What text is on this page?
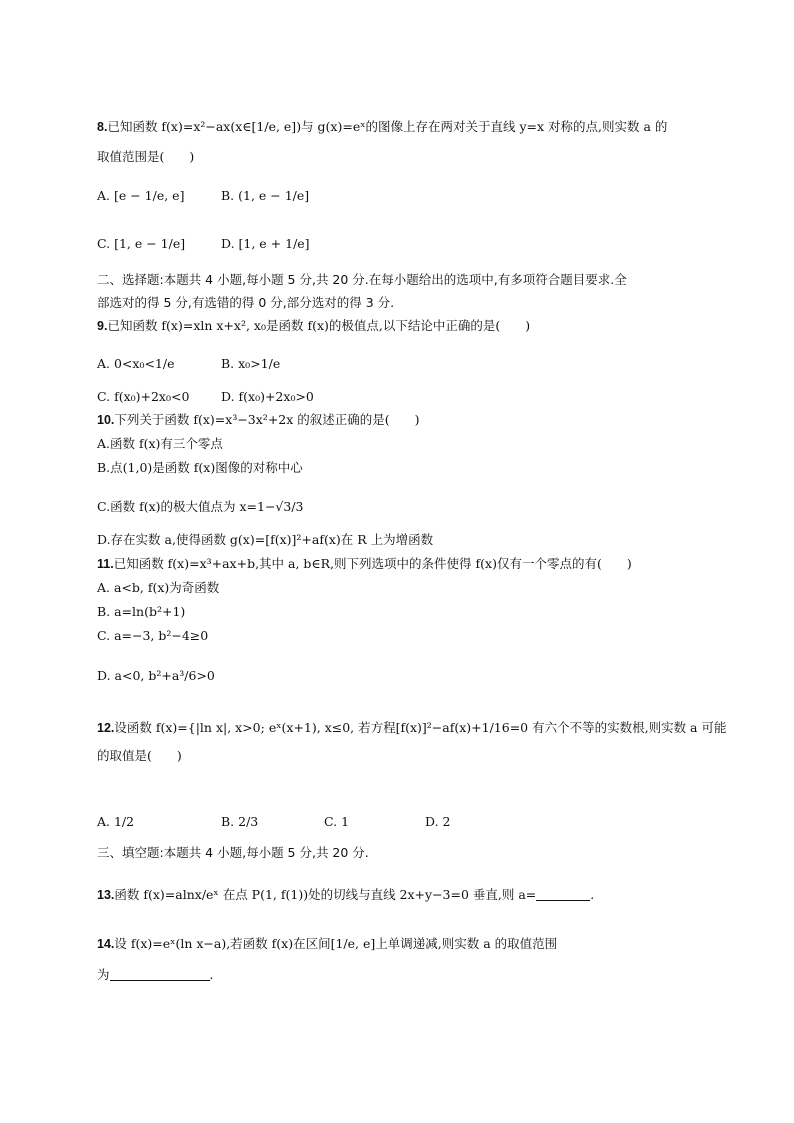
8.已知函数 f(x)=x²−ax(x∈[1/e, e])与 g(x)=eˣ的图像上存在两对关于直线 y=x 对称的点,则实数 a 的
取值范围是(　　)
A. [e − 1/e, e]	B. (1, e − 1/e]
C. [1, e − 1/e]	D. [1, e + 1/e]
二、选择题:本题共 4 小题,每小题 5 分,共 20 分.在每小题给出的选项中,有多项符合题目要求.全
部选对的得 5 分,有选错的得 0 分,部分选对的得 3 分.
9.已知函数 f(x)=xln x+x², x₀是函数 f(x)的极值点,以下结论中正确的是(　　)
A. 0<x₀<1/e	B. x₀>1/e
C. f(x₀)+2x₀<0	D. f(x₀)+2x₀>0
10.下列关于函数 f(x)=x³−3x²+2x 的叙述正确的是(　　)
A.函数 f(x)有三个零点
B.点(1,0)是函数 f(x)图像的对称中心
C.函数 f(x)的极大值点为 x=1−√3/3
D.存在实数 a,使得函数 g(x)=[f(x)]²+af(x)在 R 上为增函数
11.已知函数 f(x)=x³+ax+b,其中 a, b∈R,则下列选项中的条件使得 f(x)仅有一个零点的有(　　)
A. a<b, f(x)为奇函数
B. a=ln(b²+1)
C. a=−3, b²−4≥0
D. a<0, b²+a³/6>0
12.设函数 f(x)={|ln x|, x>0; eˣ(x+1), x≤0, 若方程[f(x)]²−af(x)+1/16=0 有六个不等的实数根,则实数 a 可能
的取值是(　　)
A. 1/2	B. 2/3	C. 1	D. 2
三、填空题:本题共 4 小题,每小题 5 分,共 20 分.
13.函数 f(x)=alnx/eˣ 在点 P(1, f(1))处的切线与直线 2x+y−3=0 垂直,则 a=	.
14.设 f(x)=eˣ(ln x−a),若函数 f(x)在区间[1/e, e]上单调递减,则实数 a 的取值范围
为	.
